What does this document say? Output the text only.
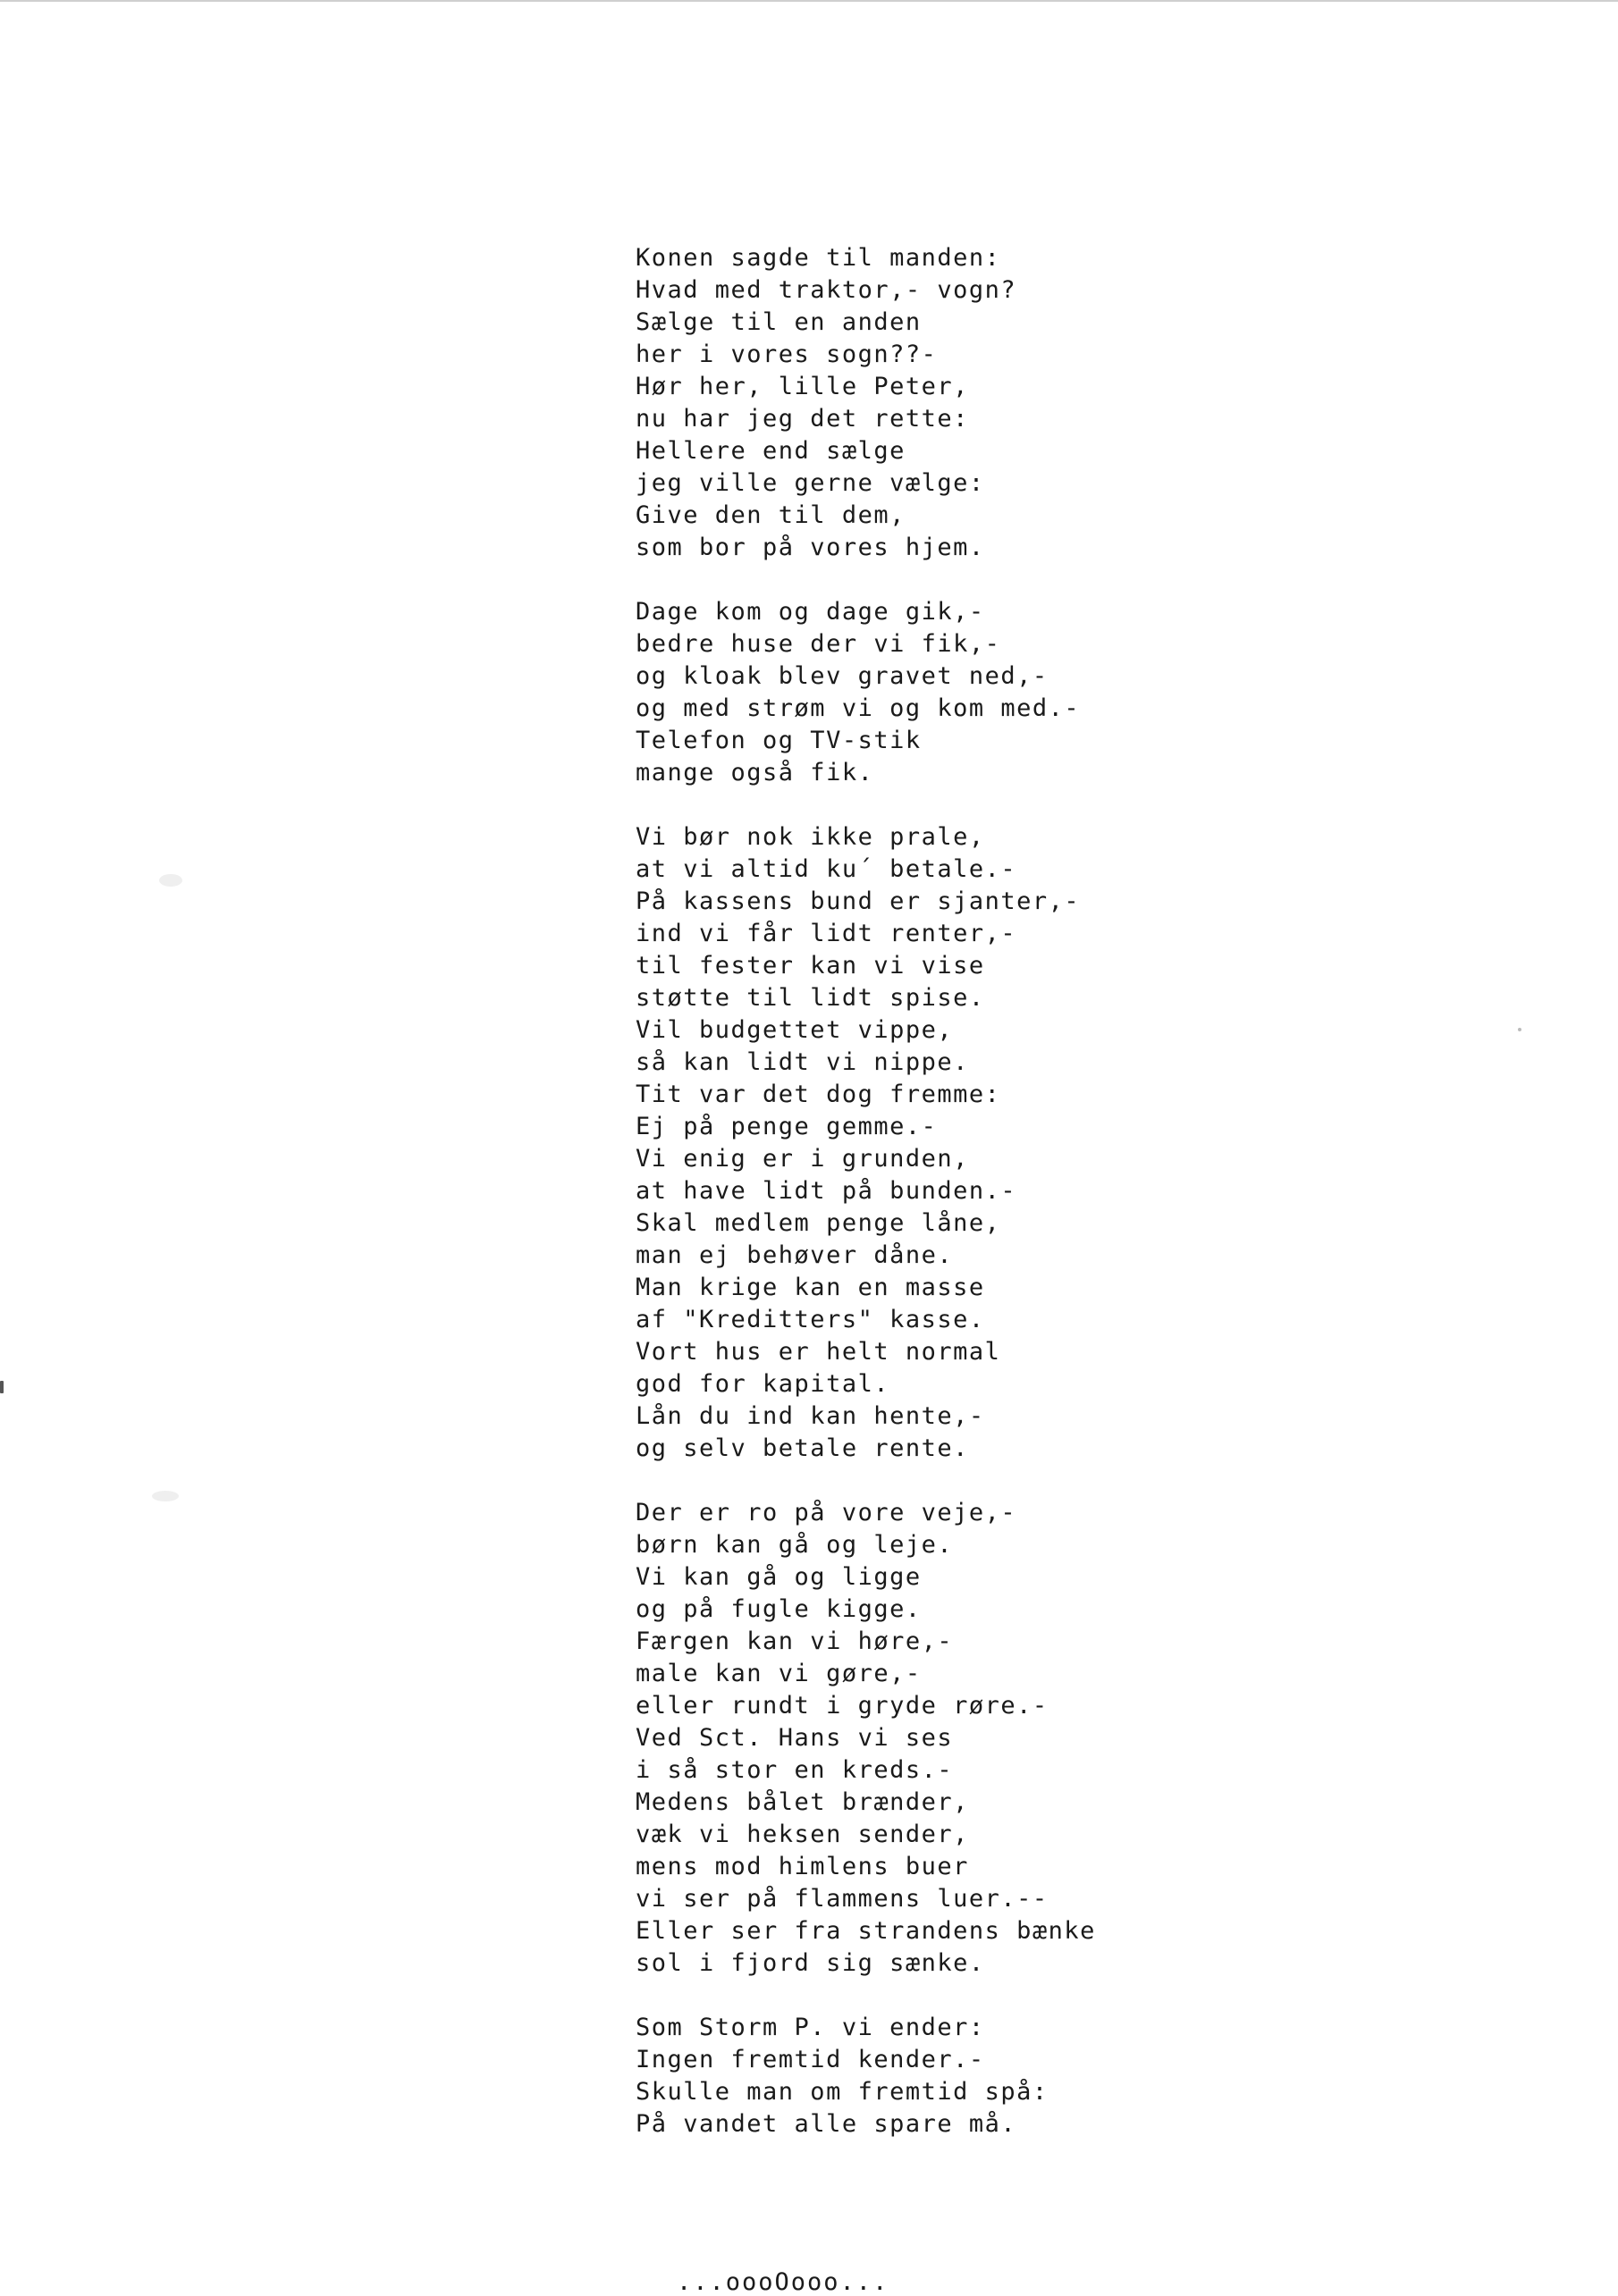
Konen sagde til manden:
Hvad med traktor,- vogn?
Sælge til en anden
her i vores sogn??-
Hør her, lille Peter,
nu har jeg det rette:
Hellere end sælge
jeg ville gerne vælge:
Give den til dem,
som bor på vores hjem.
Dage kom og dage gik,-
bedre huse der vi fik,-
og kloak blev gravet ned,-
og med strøm vi og kom med.-
Telefon og TV-stik
mange også fik.
Vi bør nok ikke prale,
at vi altid ku´ betale.-
På kassens bund er sjanter,-
ind vi får lidt renter,-
til fester kan vi vise
støtte til lidt spise.
Vil budgettet vippe,
så kan lidt vi nippe.
Tit var det dog fremme:
Ej på penge gemme.-
Vi enig er i grunden,
at have lidt på bunden.-
Skal medlem penge låne,
man ej behøver dåne.
Man krige kan en masse
af "Kreditters" kasse.
Vort hus er helt normal
god for kapital.
Lån du ind kan hente,-
og selv betale rente.
Der er ro på vore veje,-
børn kan gå og leje.
Vi kan gå og ligge
og på fugle kigge.
Færgen kan vi høre,-
male kan vi gøre,-
eller rundt i gryde røre.-
Ved Sct. Hans vi ses
i så stor en kreds.-
Medens bålet brænder,
væk vi heksen sender,
mens mod himlens buer
vi ser på flammens luer.--
Eller ser fra strandens bænke
sol i fjord sig sænke.
Som Storm P. vi ender:
Ingen fremtid kender.-
Skulle man om fremtid spå:
På vandet alle spare må.
...oooOooo...
